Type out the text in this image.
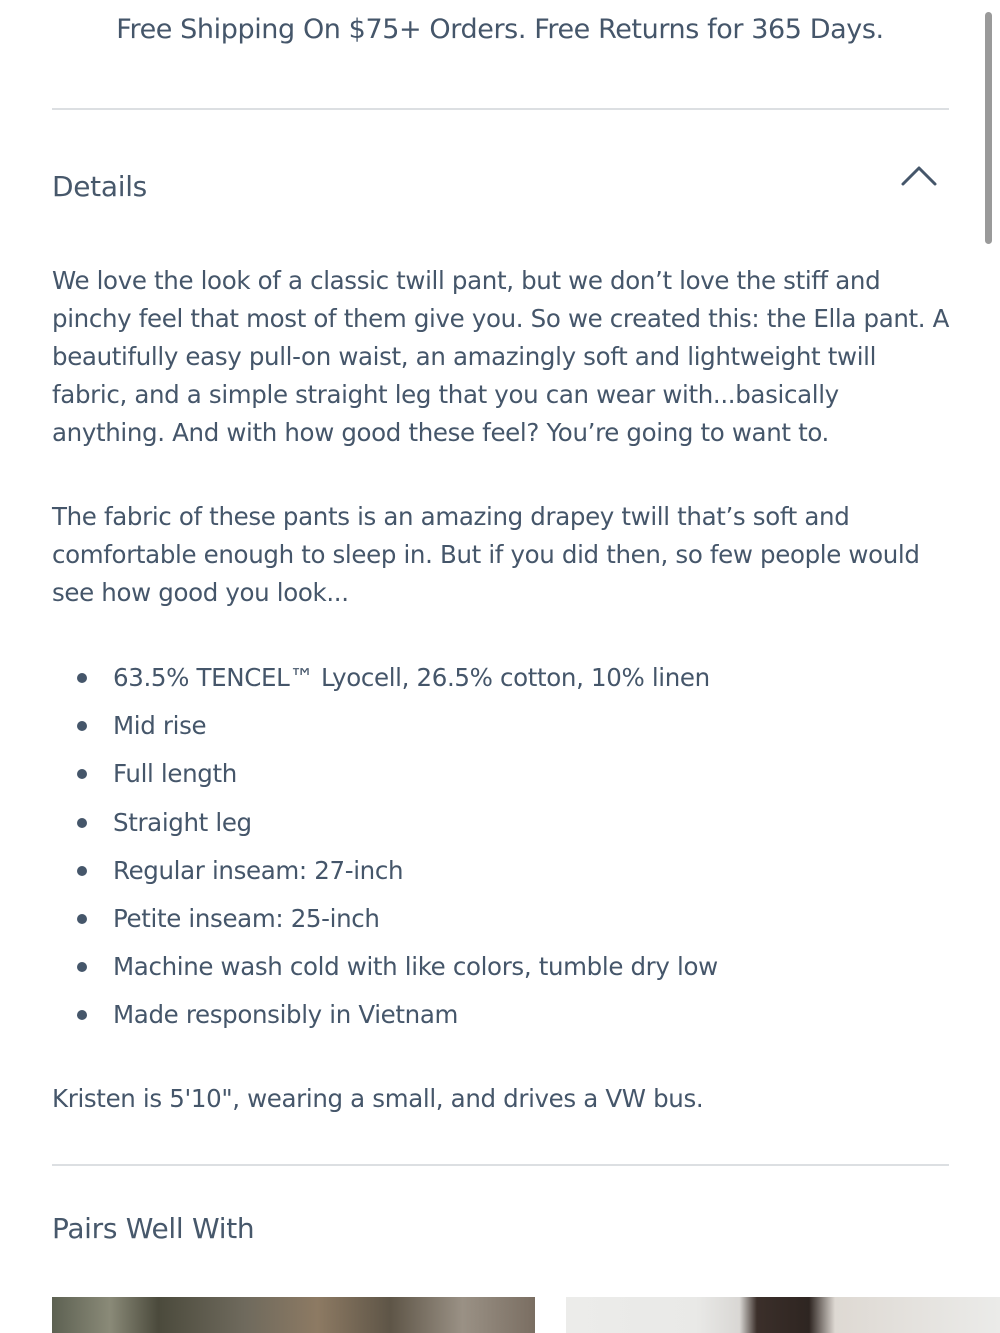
Free Shipping On $75+ Orders. Free Returns for 365 Days.
Details

We love the look of a classic twill pant, but we don’t love the stiff and pinchy feel that most of them give you. So we created this: the Ella pant. A beautifully easy pull-on waist, an amazingly soft and lightweight twill fabric, and a simple straight leg that you can wear with...basically anything. And with how good these feel? You’re going to want to.

The fabric of these pants is an amazing drapey twill that’s soft and comfortable enough to sleep in. But if you did then, so few people would see how good you look...

63.5% TENCEL™ Lyocell, 26.5% cotton, 10% linen
Mid rise
Full length
Straight leg
Regular inseam: 27-inch
Petite inseam: 25-inch
Machine wash cold with like colors, tumble dry low
Made responsibly in Vietnam

Kristen is 5'10", wearing a small, and drives a VW bus.

Pairs Well With
